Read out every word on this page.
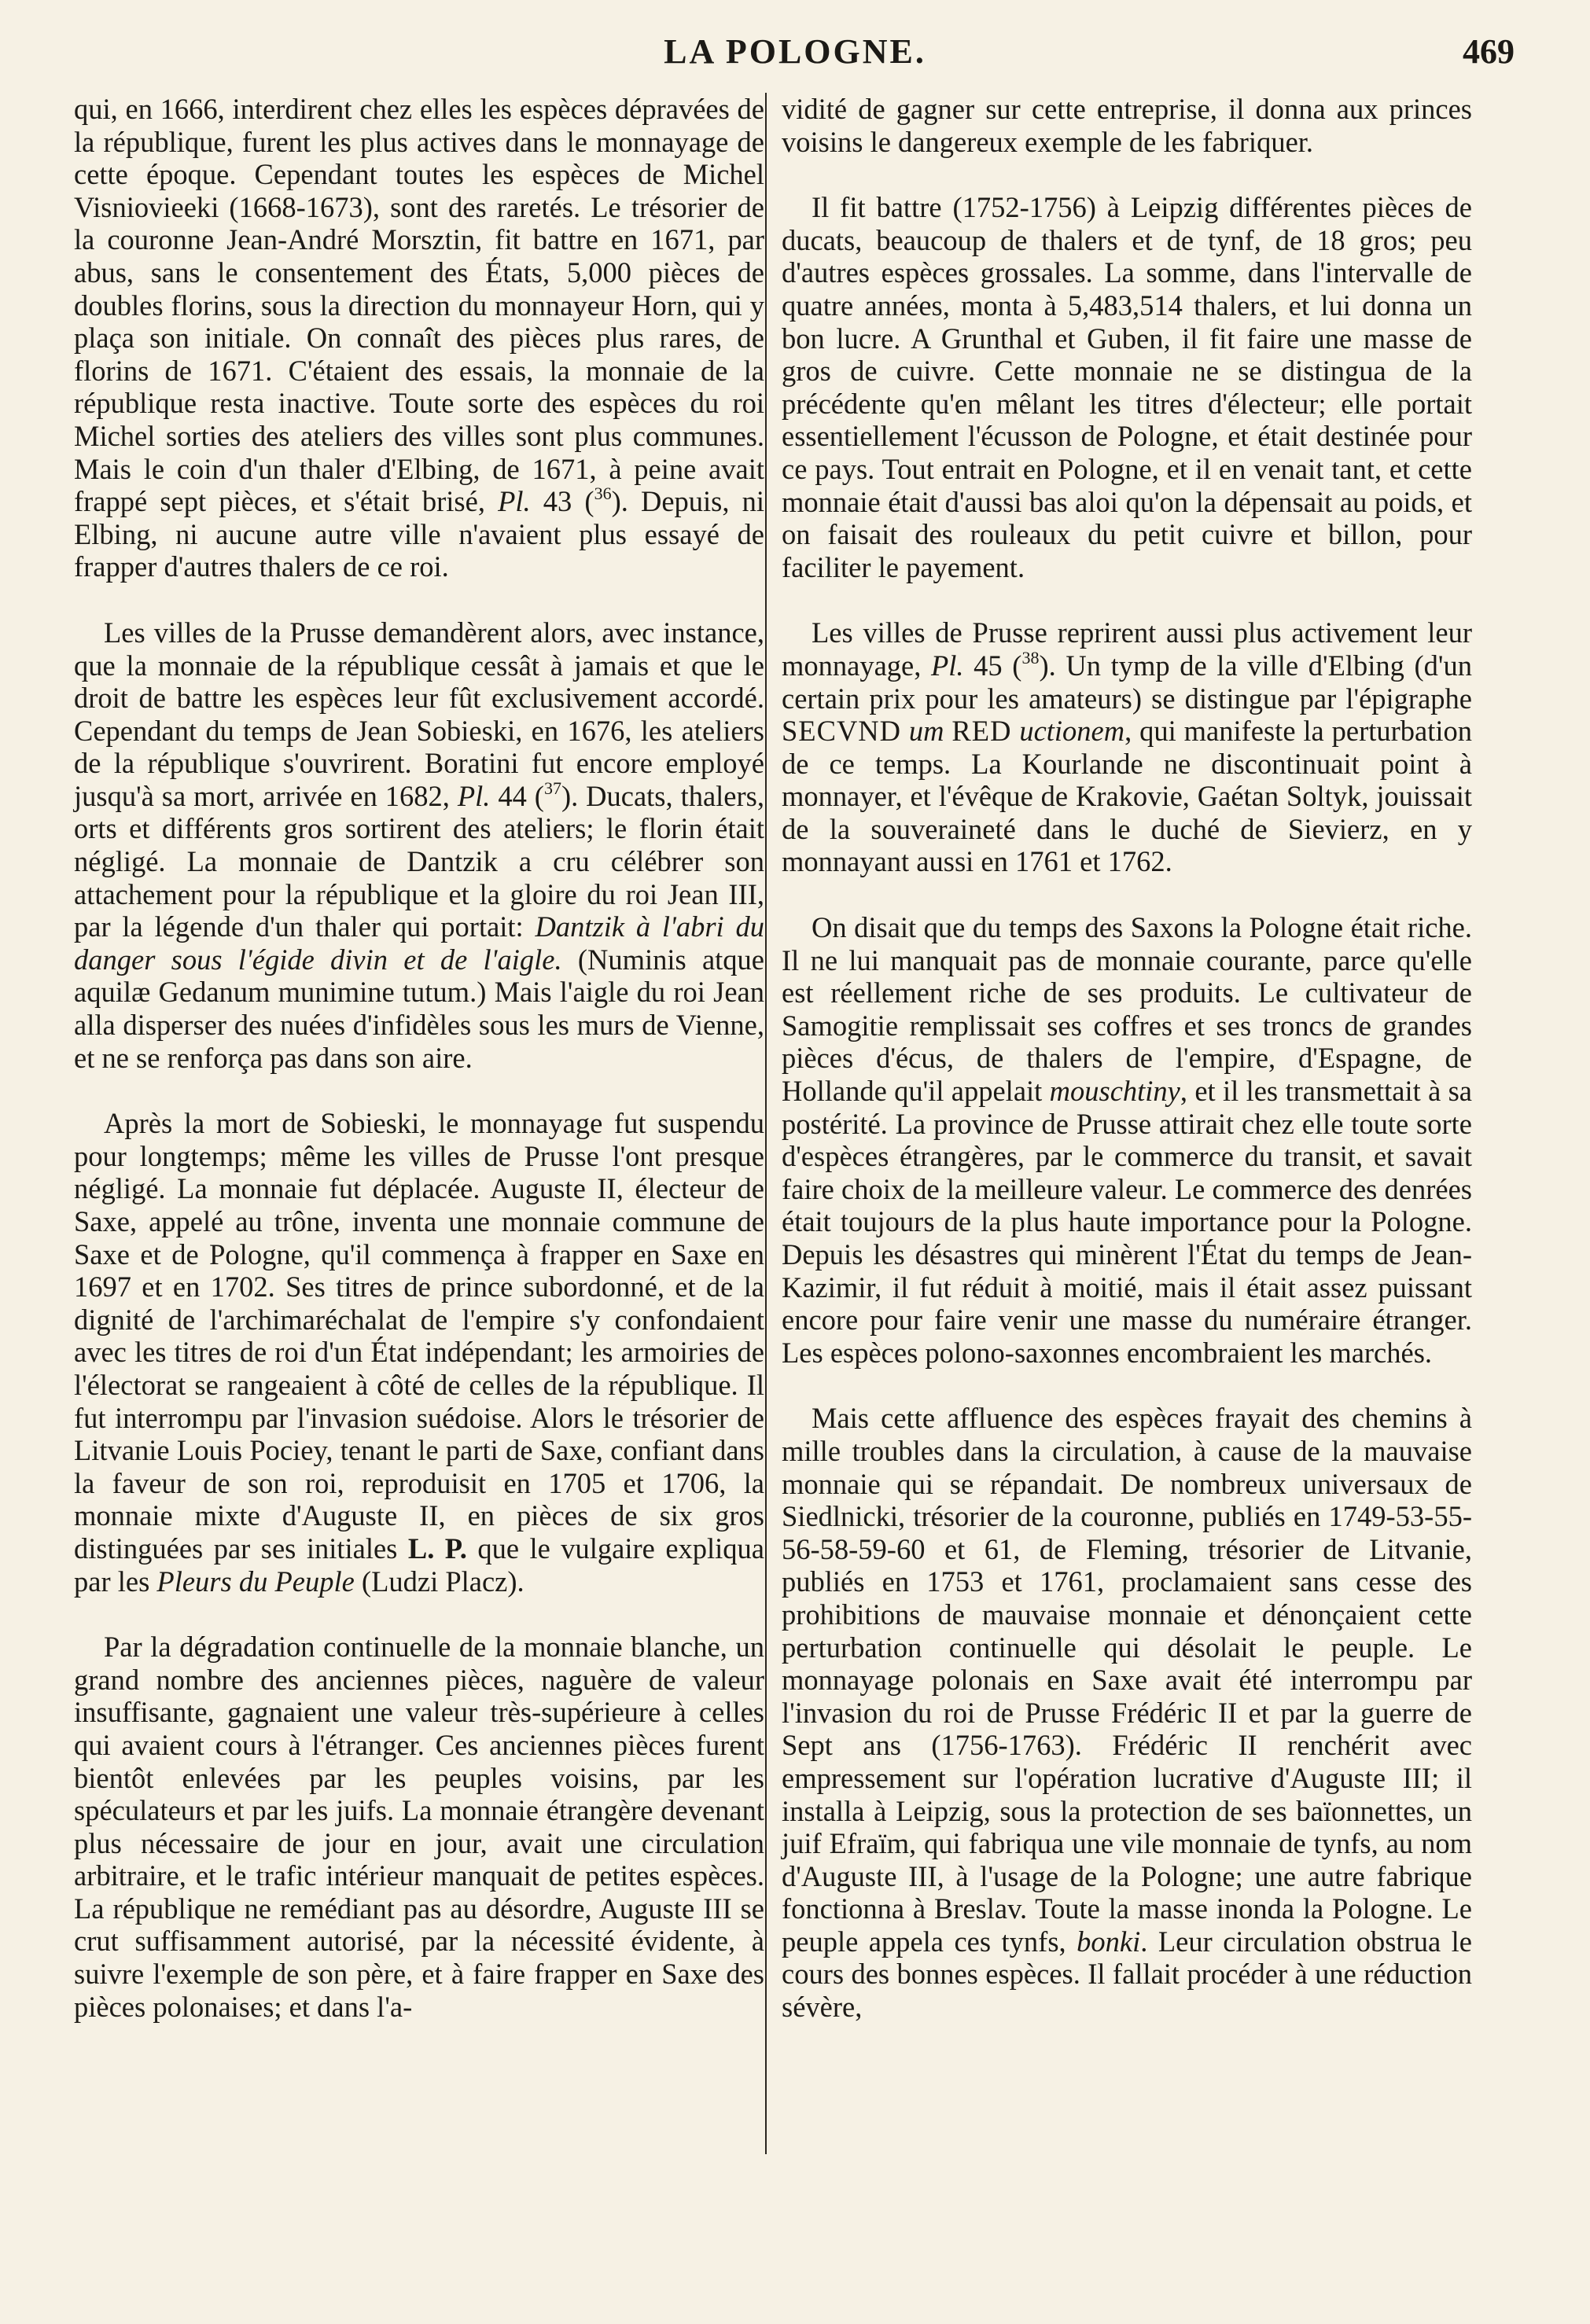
LA POLOGNE.	469

qui, en 1666, interdirent chez elles les espèces dépravées de la république, furent les plus actives dans le monnayage de cette époque. Cependant toutes les espèces de Michel Visniovieeki (1668-1673), sont des raretés. Le trésorier de la couronne Jean-André Morsztin, fit battre en 1671, par abus, sans le consentement des États, 5,000 pièces de doubles florins, sous la direction du monnayeur Horn, qui y plaça son initiale. On connaît des pièces plus rares, de florins de 1671. C'étaient des essais, la monnaie de la république resta inactive. Toute sorte des espèces du roi Michel sorties des ateliers des villes sont plus communes. Mais le coin d'un thaler d'Elbing, de 1671, à peine avait frappé sept pièces, et s'était brisé, Pl. 43 ($^{36}$). Depuis, ni Elbing, ni aucune autre ville n'avaient plus essayé de frapper d'autres thalers de ce roi.

Les villes de la Prusse demandèrent alors, avec instance, que la monnaie de la république cessât à jamais et que le droit de battre les espèces leur fût exclusivement accordé. Cependant du temps de Jean Sobieski, en 1676, les ateliers de la république s'ouvrirent. Boratini fut encore employé jusqu'à sa mort, arrivée en 1682, Pl. 44 ($^{37}$). Ducats, thalers, orts et différents gros sortirent des ateliers; le florin était négligé. La monnaie de Dantzik a cru célébrer son attachement pour la république et la gloire du roi Jean III, par la légende d'un thaler qui portait: Dantzik à l'abri du danger sous l'égide divin et de l'aigle. (Numinis atque aquilæ Gedanum munimine tutum.) Mais l'aigle du roi Jean alla disperser des nuées d'infidèles sous les murs de Vienne, et ne se renforça pas dans son aire.

Après la mort de Sobieski, le monnayage fut suspendu pour longtemps; même les villes de Prusse l'ont presque négligé. La monnaie fut déplacée. Auguste II, électeur de Saxe, appelé au trône, inventa une monnaie commune de Saxe et de Pologne, qu'il commença à frapper en Saxe en 1697 et en 1702. Ses titres de prince subordonné, et de la dignité de l'archimaréchalat de l'empire s'y confondaient avec les titres de roi d'un État indépendant; les armoiries de l'électorat se rangeaient à côté de celles de la république. Il fut interrompu par l'invasion suédoise. Alors le trésorier de Litvanie Louis Pociey, tenant le parti de Saxe, confiant dans la faveur de son roi, reproduisit en 1705 et 1706, la monnaie mixte d'Auguste II, en pièces de six gros distinguées par ses initiales L. P. que le vulgaire expliqua par les Pleurs du Peuple (Ludzi Placz).

Par la dégradation continuelle de la monnaie blanche, un grand nombre des anciennes pièces, naguère de valeur insuffisante, gagnaient une valeur très-supérieure à celles qui avaient cours à l'étranger. Ces anciennes pièces furent bientôt enlevées par les peuples voisins, par les spéculateurs et par les juifs. La monnaie étrangère devenant plus nécessaire de jour en jour, avait une circulation arbitraire, et le trafic intérieur manquait de petites espèces. La république ne remédiant pas au désordre, Auguste III se crut suffisamment autorisé, par la nécessité évidente, à suivre l'exemple de son père, et à faire frapper en Saxe des pièces polonaises; et dans l'a-

vidité de gagner sur cette entreprise, il donna aux princes voisins le dangereux exemple de les fabriquer.

Il fit battre (1752-1756) à Leipzig différentes pièces de ducats, beaucoup de thalers et de tynf, de 18 gros; peu d'autres espèces grossales. La somme, dans l'intervalle de quatre années, monta à 5,483,514 thalers, et lui donna un bon lucre. A Grunthal et Guben, il fit faire une masse de gros de cuivre. Cette monnaie ne se distingua de la précédente qu'en mêlant les titres d'électeur; elle portait essentiellement l'écusson de Pologne, et était destinée pour ce pays. Tout entrait en Pologne, et il en venait tant, et cette monnaie était d'aussi bas aloi qu'on la dépensait au poids, et on faisait des rouleaux du petit cuivre et billon, pour faciliter le payement.

Les villes de Prusse reprirent aussi plus activement leur monnayage, Pl. 45 ($^{38}$). Un tymp de la ville d'Elbing (d'un certain prix pour les amateurs) se distingue par l'épigraphe SECVND um RED uctionem, qui manifeste la perturbation de ce temps. La Kourlande ne discontinuait point à monnayer, et l'évêque de Krakovie, Gaétan Soltyk, jouissait de la souveraineté dans le duché de Sievierz, en y monnayant aussi en 1761 et 1762.

On disait que du temps des Saxons la Pologne était riche. Il ne lui manquait pas de monnaie courante, parce qu'elle est réellement riche de ses produits. Le cultivateur de Samogitie remplissait ses coffres et ses troncs de grandes pièces d'écus, de thalers de l'empire, d'Espagne, de Hollande qu'il appelait mouschtiny, et il les transmettait à sa postérité. La province de Prusse attirait chez elle toute sorte d'espèces étrangères, par le commerce du transit, et savait faire choix de la meilleure valeur. Le commerce des denrées était toujours de la plus haute importance pour la Pologne. Depuis les désastres qui minèrent l'État du temps de Jean-Kazimir, il fut réduit à moitié, mais il était assez puissant encore pour faire venir une masse du numéraire étranger. Les espèces polono-saxonnes encombraient les marchés.

Mais cette affluence des espèces frayait des chemins à mille troubles dans la circulation, à cause de la mauvaise monnaie qui se répandait. De nombreux universaux de Siedlnicki, trésorier de la couronne, publiés en 1749-53-55-56-58-59-60 et 61, de Fleming, trésorier de Litvanie, publiés en 1753 et 1761, proclamaient sans cesse des prohibitions de mauvaise monnaie et dénonçaient cette perturbation continuelle qui désolait le peuple. Le monnayage polonais en Saxe avait été interrompu par l'invasion du roi de Prusse Frédéric II et par la guerre de Sept ans (1756-1763). Frédéric II renchérit avec empressement sur l'opération lucrative d'Auguste III; il installa à Leipzig, sous la protection de ses baïonnettes, un juif Efraïm, qui fabriqua une vile monnaie de tynfs, au nom d'Auguste III, à l'usage de la Pologne; une autre fabrique fonctionna à Breslav. Toute la masse inonda la Pologne. Le peuple appela ces tynfs, bonki. Leur circulation obstrua le cours des bonnes espèces. Il fallait procéder à une réduction sévère,
